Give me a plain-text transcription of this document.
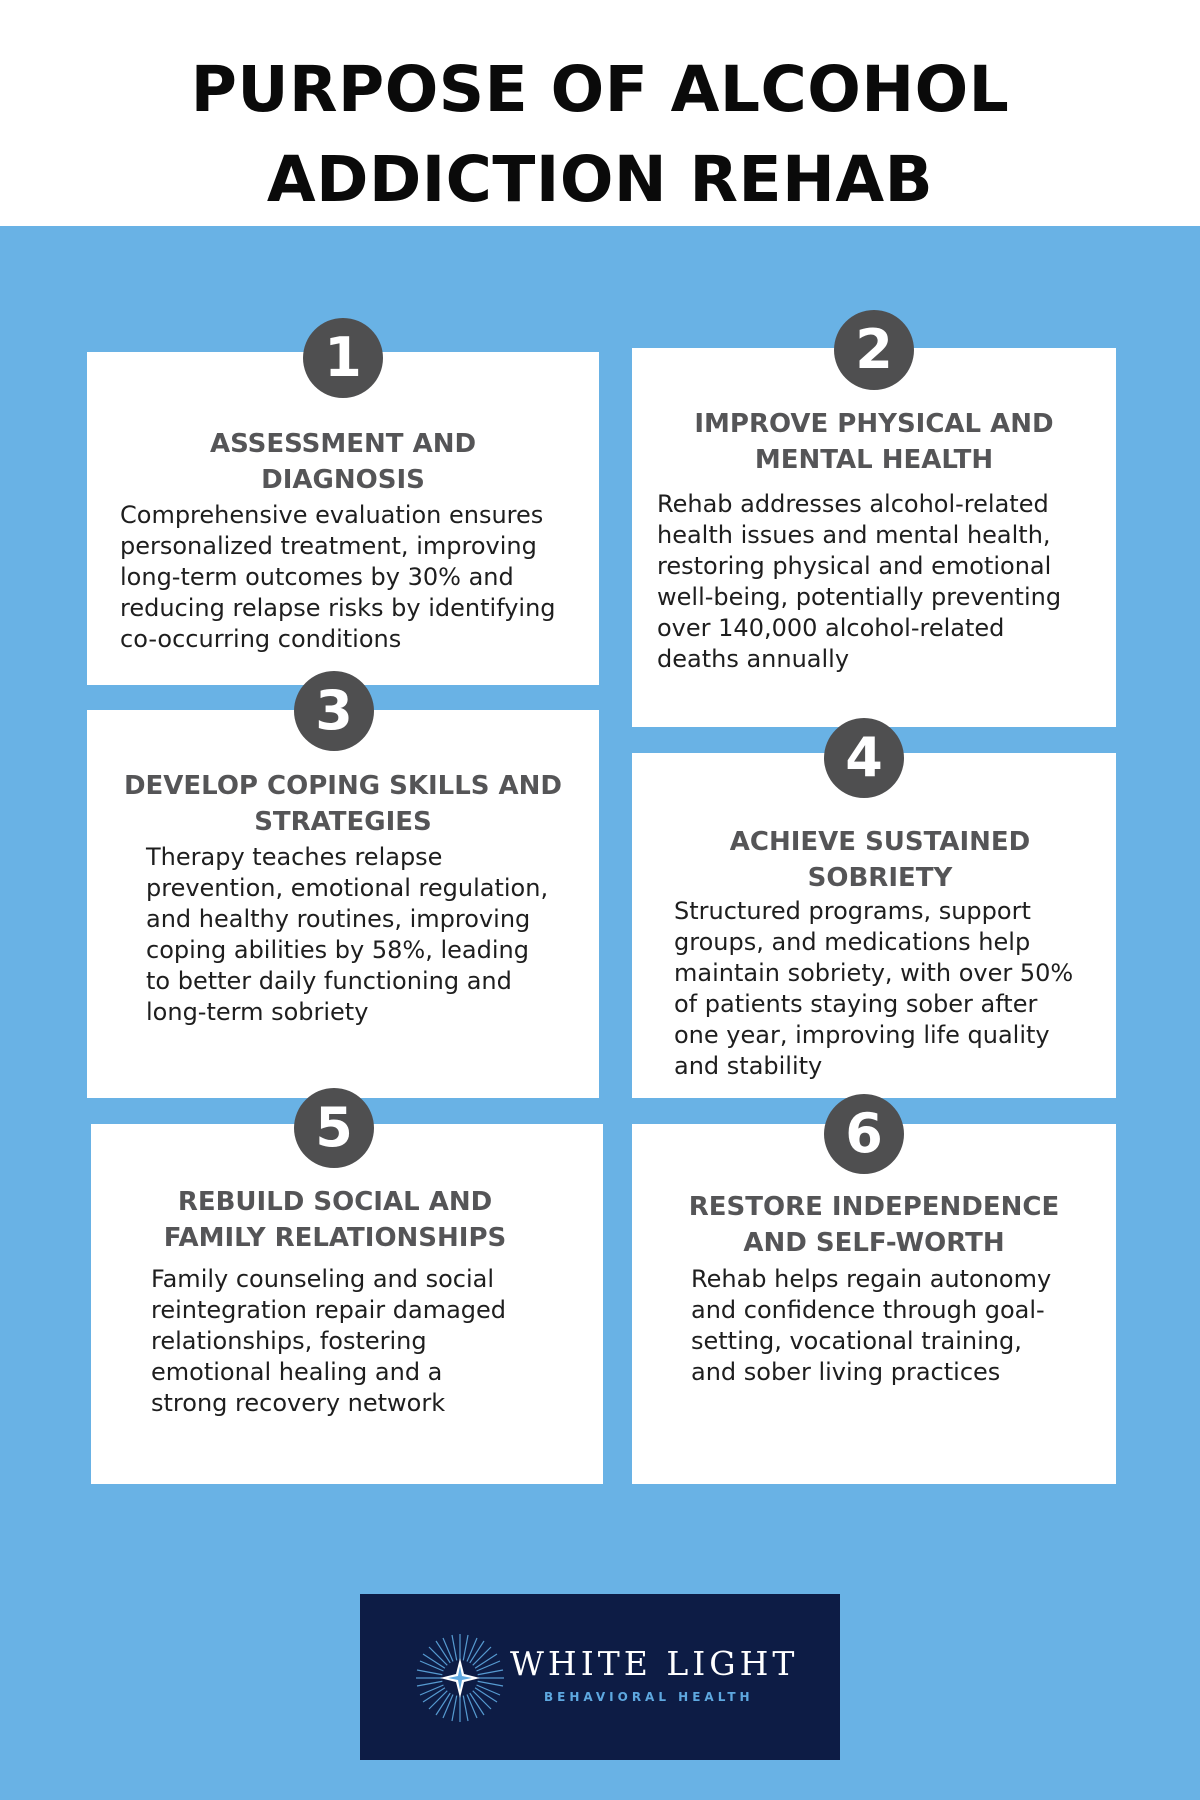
PURPOSE OF ALCOHOL
ADDICTION REHAB
1
ASSESSMENT AND
DIAGNOSIS

Comprehensive evaluation ensures
personalized treatment, improving
long-term outcomes by 30% and
reducing relapse risks by identifying
co-occurring conditions

2
IMPROVE PHYSICAL AND
MENTAL HEALTH

Rehab addresses alcohol-related
health issues and mental health,
restoring physical and emotional
well-being, potentially preventing
over 140,000 alcohol-related
deaths annually

3
DEVELOP COPING SKILLS AND
STRATEGIES

Therapy teaches relapse
prevention, emotional regulation,
and healthy routines, improving
coping abilities by 58%, leading
to better daily functioning and
long-term sobriety

4
ACHIEVE SUSTAINED
SOBRIETY

Structured programs, support
groups, and medications help
maintain sobriety, with over 50%
of patients staying sober after
one year, improving life quality
and stability

5
REBUILD SOCIAL AND
FAMILY RELATIONSHIPS

Family counseling and social
reintegration repair damaged
relationships, fostering
emotional healing and a
strong recovery network

6
RESTORE INDEPENDENCE
AND SELF-WORTH

Rehab helps regain autonomy
and confidence through goal-
setting, vocational training,
and sober living practices

WHITE LIGHT

BEHAVIORAL HEALTH
